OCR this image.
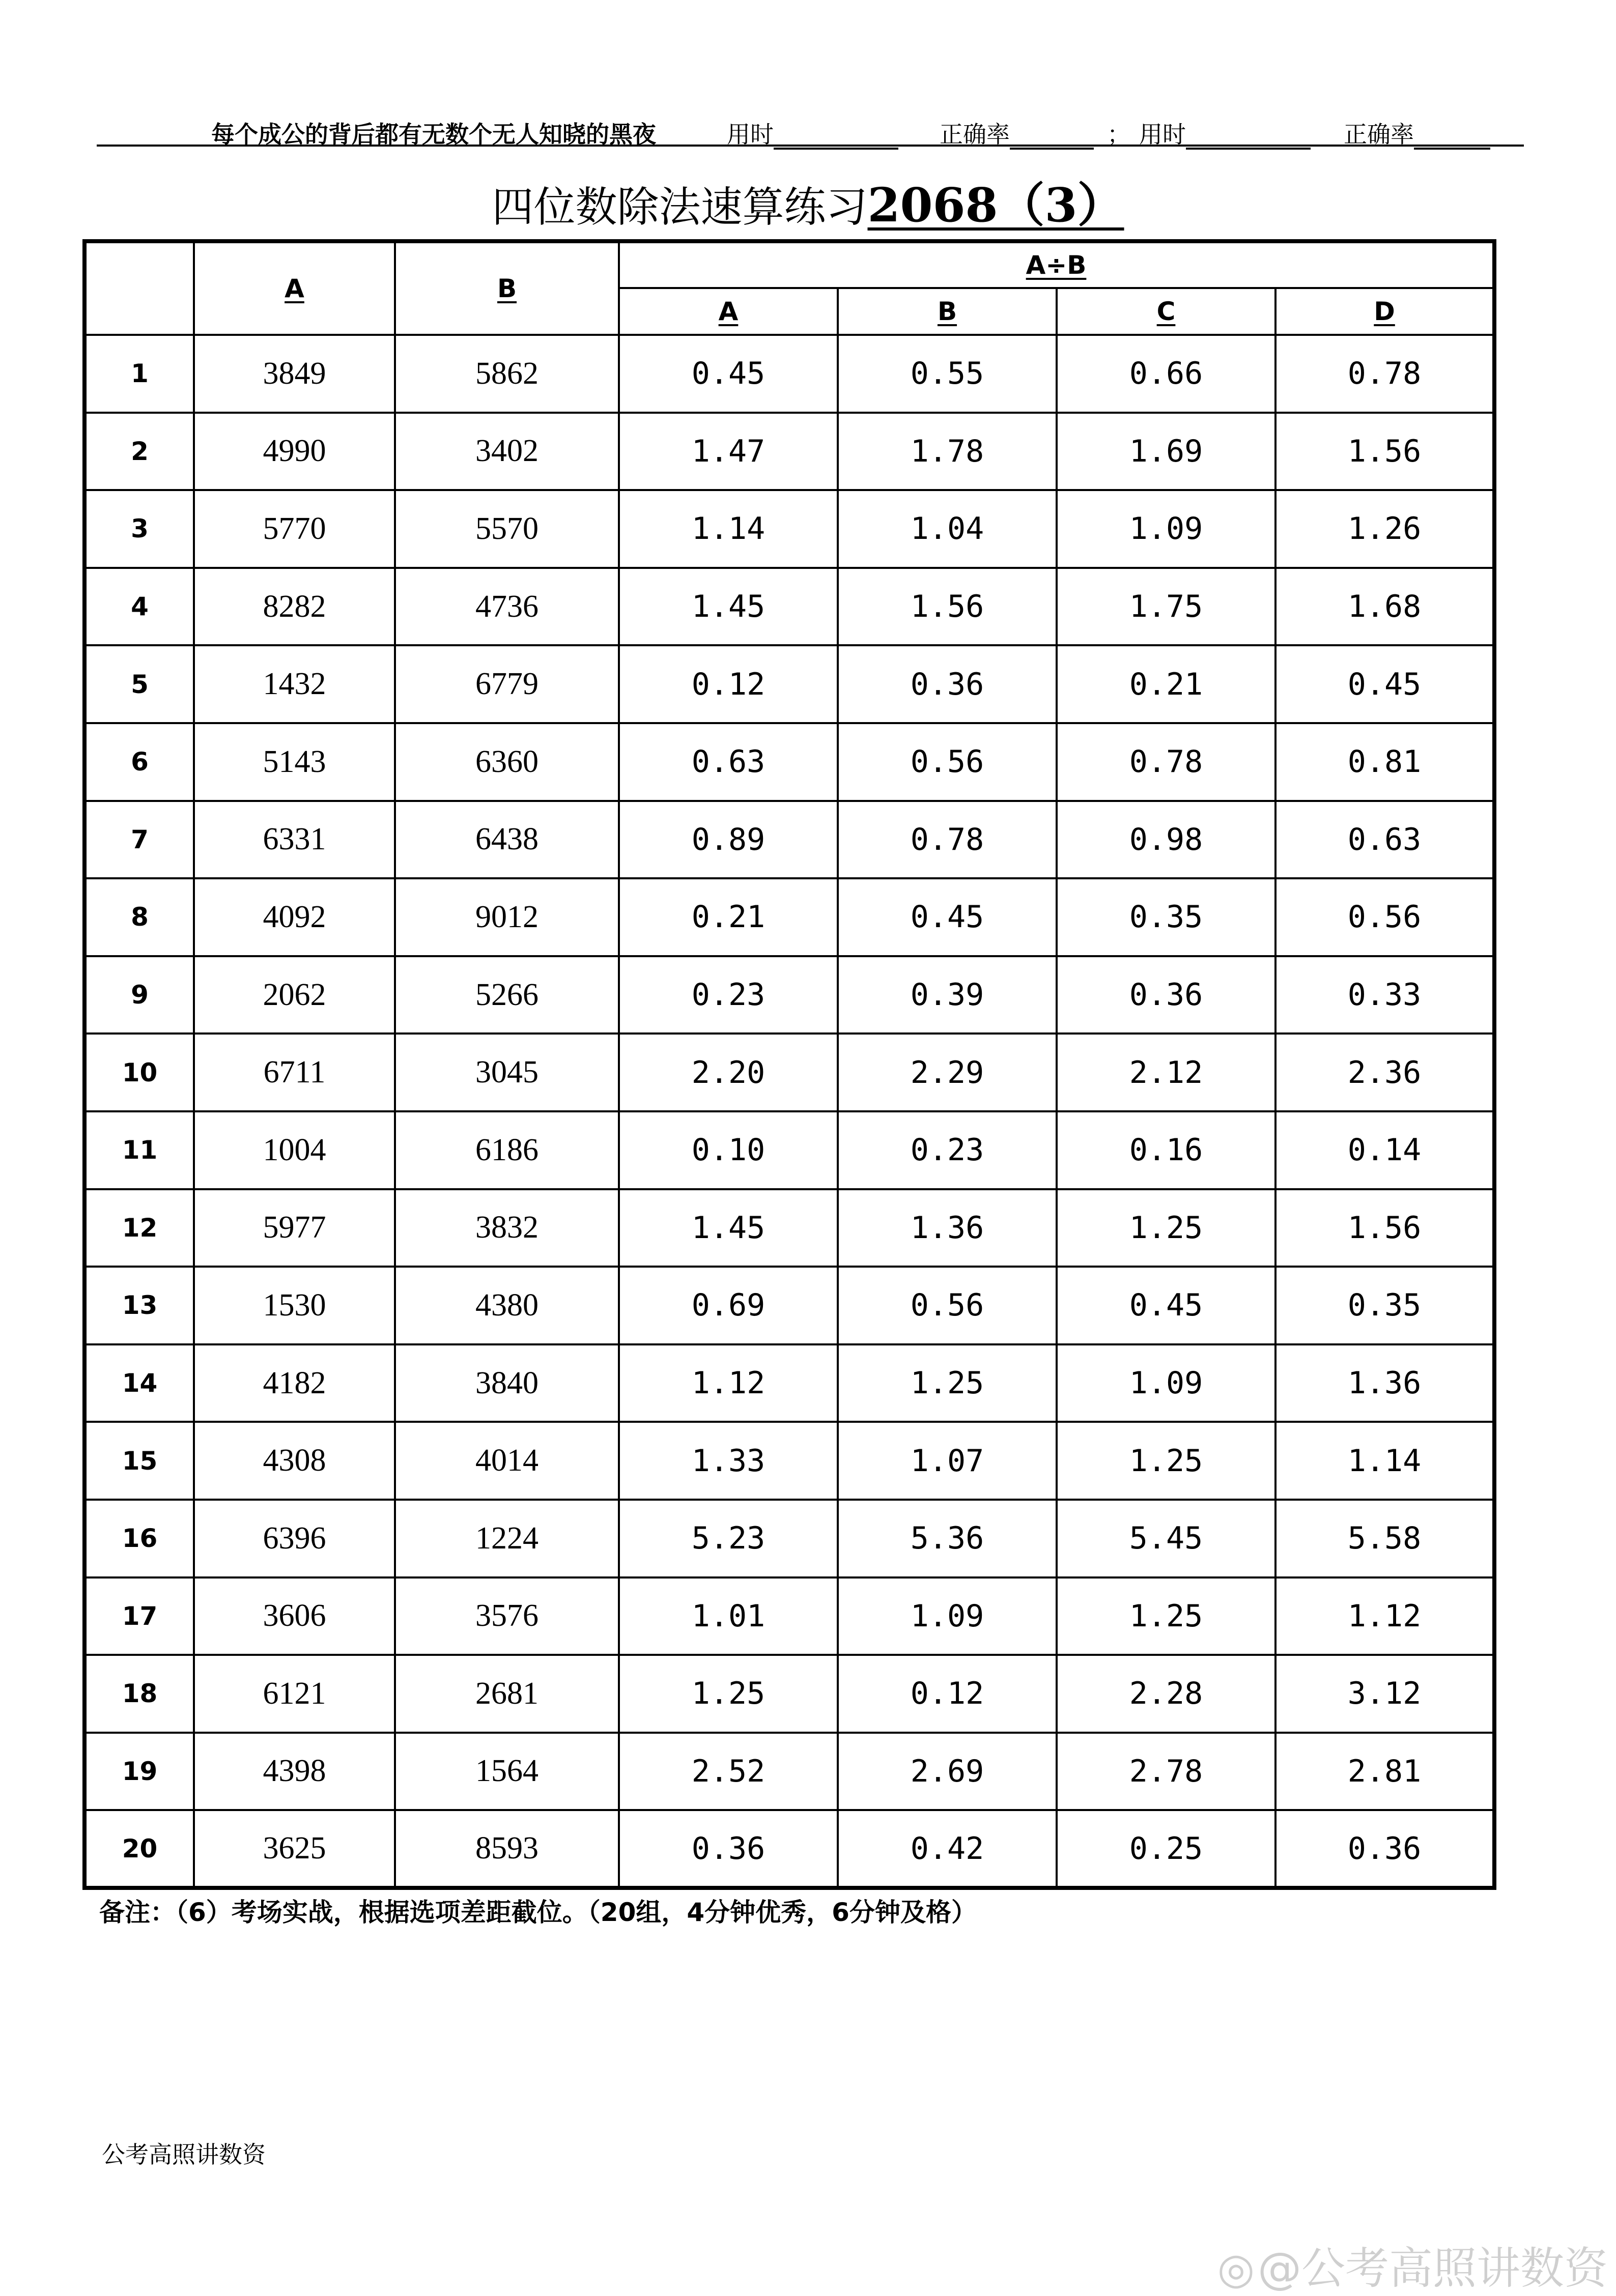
每个成公的背后都有无数个无人知晓的黑夜	用时	正确率	； 用时	正确率
四位数除法速算练习2068（3）
	A	B	A÷B			
			A	B	C	D
1	3849	5862	0.45	0.55	0.66	0.78
2	4990	3402	1.47	1.78	1.69	1.56
3	5770	5570	1.14	1.04	1.09	1.26
4	8282	4736	1.45	1.56	1.75	1.68
5	1432	6779	0.12	0.36	0.21	0.45
6	5143	6360	0.63	0.56	0.78	0.81
7	6331	6438	0.89	0.78	0.98	0.63
8	4092	9012	0.21	0.45	0.35	0.56
9	2062	5266	0.23	0.39	0.36	0.33
10	6711	3045	2.20	2.29	2.12	2.36
11	1004	6186	0.10	0.23	0.16	0.14
12	5977	3832	1.45	1.36	1.25	1.56
13	1530	4380	0.69	0.56	0.45	0.35
14	4182	3840	1.12	1.25	1.09	1.36
15	4308	4014	1.33	1.07	1.25	1.14
16	6396	1224	5.23	5.36	5.45	5.58
17	3606	3576	1.01	1.09	1.25	1.12
18	6121	2681	1.25	0.12	2.28	3.12
19	4398	1564	2.52	2.69	2.78	2.81
20	3625	8593	0.36	0.42	0.25	0.36
备注：（6）考场实战，根据选项差距截位。（20组，4分钟优秀，6分钟及格）
公考高照讲数资
◎@公考高照讲数资
